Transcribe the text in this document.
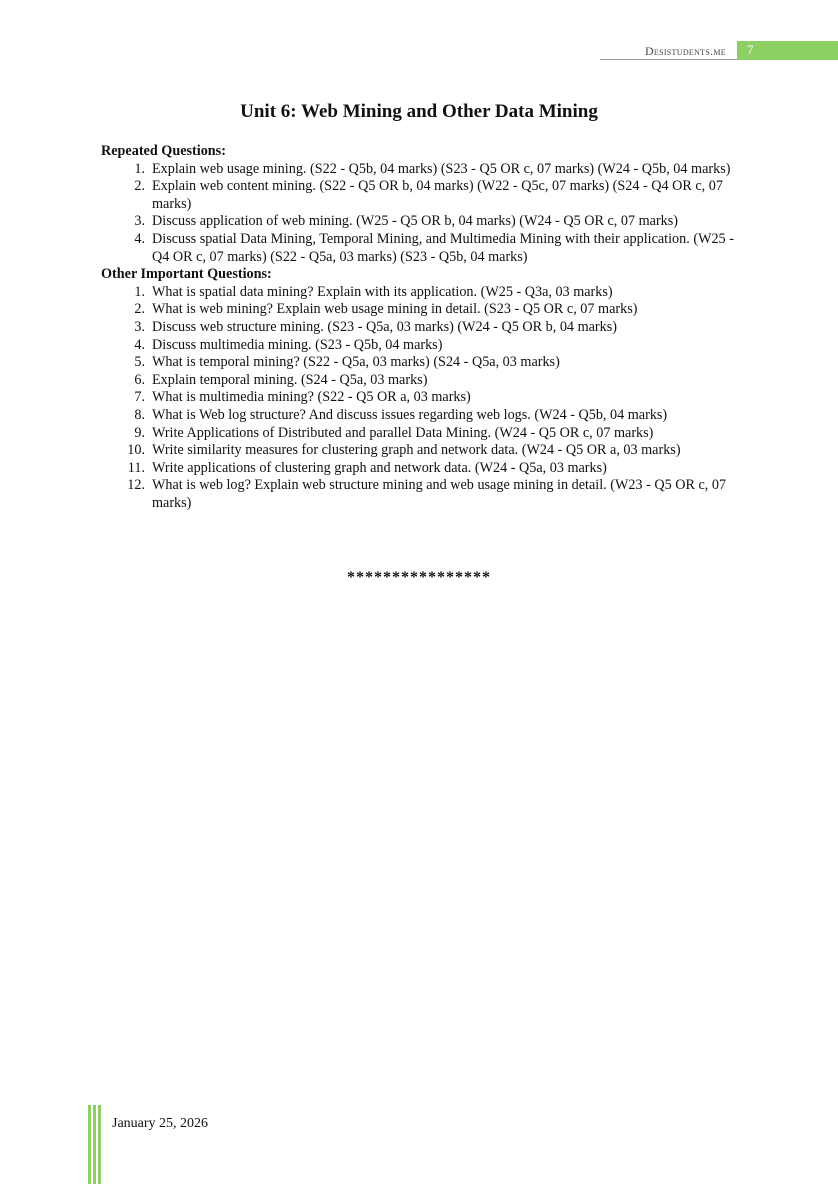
Desistudents.me 7
Unit 6: Web Mining and Other Data Mining
Repeated Questions:
1. Explain web usage mining. (S22 - Q5b, 04 marks) (S23 - Q5 OR c, 07 marks) (W24 - Q5b, 04 marks)
2. Explain web content mining. (S22 - Q5 OR b, 04 marks) (W22 - Q5c, 07 marks) (S24 - Q4 OR c, 07 marks)
3. Discuss application of web mining. (W25 - Q5 OR b, 04 marks) (W24 - Q5 OR c, 07 marks)
4. Discuss spatial Data Mining, Temporal Mining, and Multimedia Mining with their application. (W25 - Q4 OR c, 07 marks) (S22 - Q5a, 03 marks) (S23 - Q5b, 04 marks)
Other Important Questions:
1. What is spatial data mining? Explain with its application. (W25 - Q3a, 03 marks)
2. What is web mining? Explain web usage mining in detail. (S23 - Q5 OR c, 07 marks)
3. Discuss web structure mining. (S23 - Q5a, 03 marks) (W24 - Q5 OR b, 04 marks)
4. Discuss multimedia mining. (S23 - Q5b, 04 marks)
5. What is temporal mining? (S22 - Q5a, 03 marks) (S24 - Q5a, 03 marks)
6. Explain temporal mining. (S24 - Q5a, 03 marks)
7. What is multimedia mining? (S22 - Q5 OR a, 03 marks)
8. What is Web log structure? And discuss issues regarding web logs. (W24 - Q5b, 04 marks)
9. Write Applications of Distributed and parallel Data Mining. (W24 - Q5 OR c, 07 marks)
10. Write similarity measures for clustering graph and network data. (W24 - Q5 OR a, 03 marks)
11. Write applications of clustering graph and network data. (W24 - Q5a, 03 marks)
12. What is web log? Explain web structure mining and web usage mining in detail. (W23 - Q5 OR c, 07 marks)
****************
January 25, 2026
